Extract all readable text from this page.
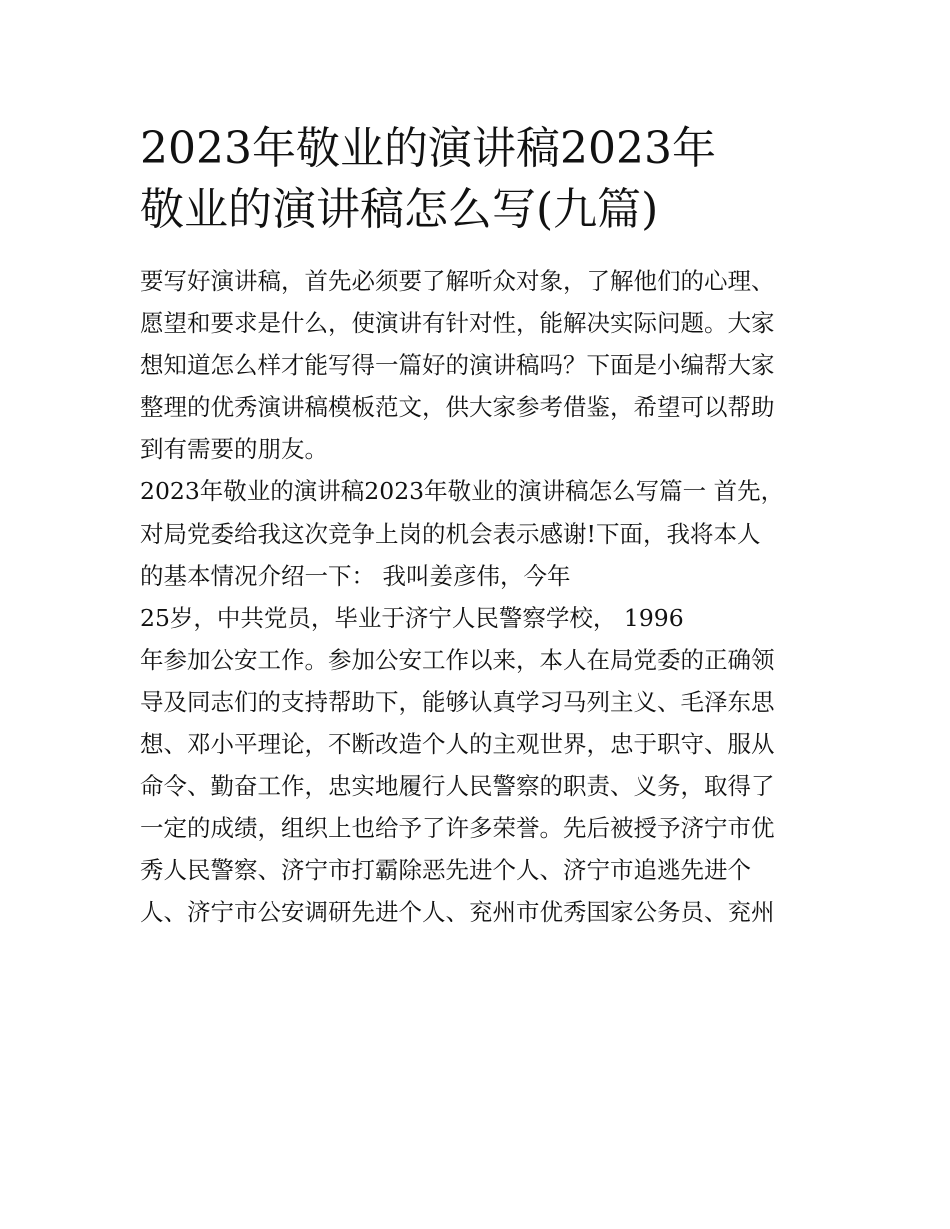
2023年敬业的演讲稿2023年
敬业的演讲稿怎么写(九篇)
要写好演讲稿，首先必须要了解听众对象，了解他们的心理、
愿望和要求是什么，使演讲有针对性，能解决实际问题。大家
想知道怎么样才能写得一篇好的演讲稿吗？下面是小编帮大家
整理的优秀演讲稿模板范文，供大家参考借鉴，希望可以帮助
到有需要的朋友。
2023年敬业的演讲稿2023年敬业的演讲稿怎么写篇一 首先，
对局党委给我这次竞争上岗的机会表示感谢!下面，我将本人
的基本情况介绍一下： 我叫姜彦伟，今年
25岁，中共党员，毕业于济宁人民警察学校， 1996
年参加公安工作。参加公安工作以来，本人在局党委的正确领
导及同志们的支持帮助下，能够认真学习马列主义、毛泽东思
想、邓小平理论，不断改造个人的主观世界，忠于职守、服从
命令、勤奋工作，忠实地履行人民警察的职责、义务，取得了
一定的成绩，组织上也给予了许多荣誉。先后被授予济宁市优
秀人民警察、济宁市打霸除恶先进个人、济宁市追逃先进个
人、济宁市公安调研先进个人、兖州市优秀国家公务员、兖州
